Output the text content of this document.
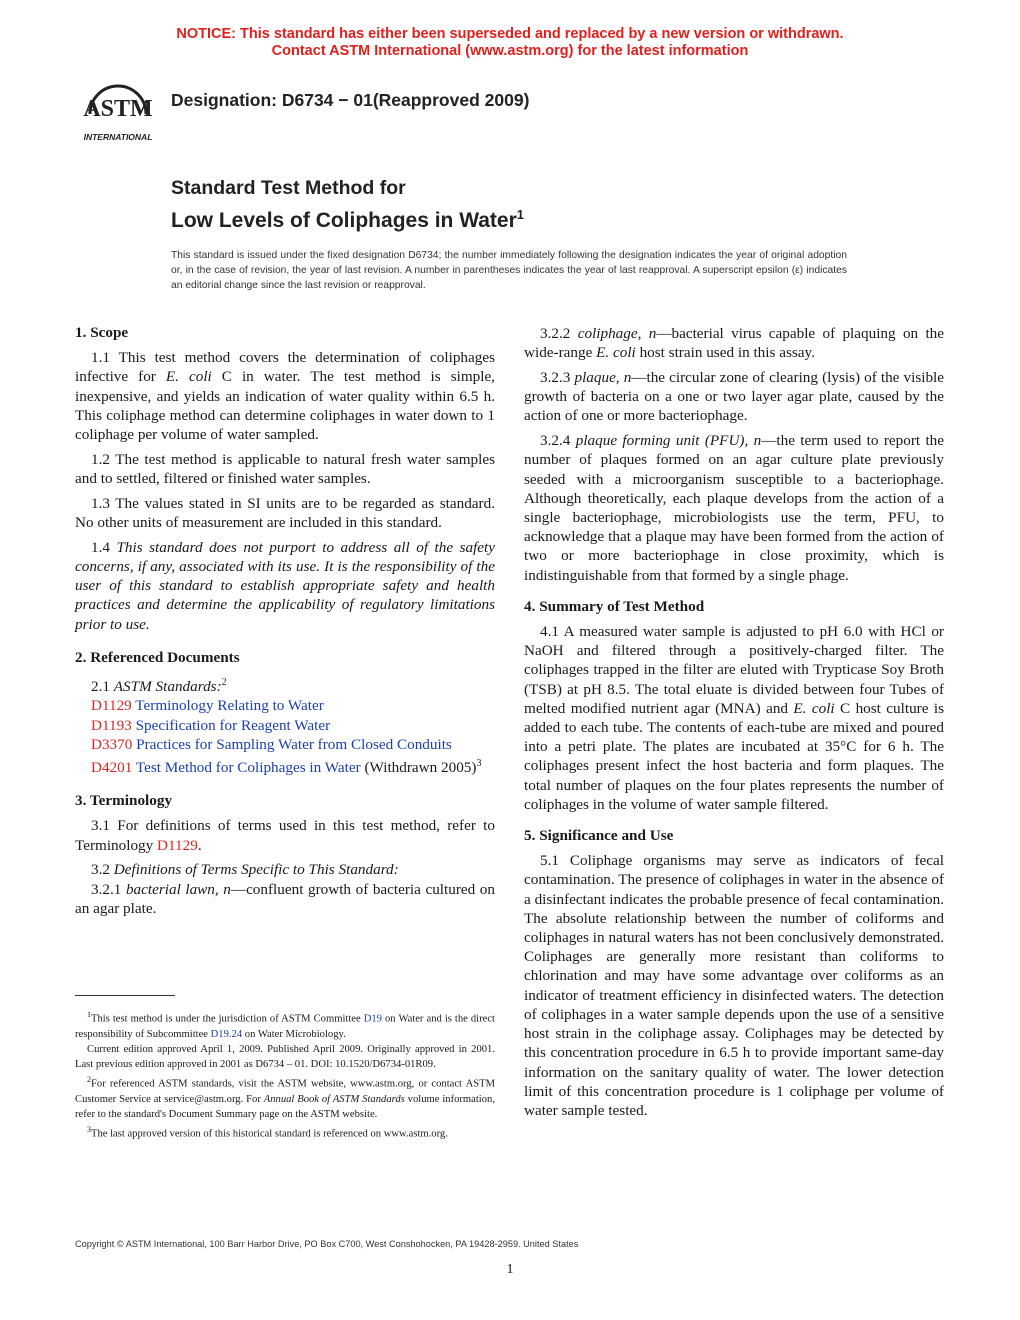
NOTICE: This standard has either been superseded and replaced by a new version or withdrawn.
Contact ASTM International (www.astm.org) for the latest information
ASTM
INTERNATIONAL
Designation: D6734 − 01(Reapproved 2009)
Standard Test Method for
Low Levels of Coliphages in Water$^1$
This standard is issued under the fixed designation D6734; the number immediately following the designation indicates the year of original adoption or, in the case of revision, the year of last revision. A number in parentheses indicates the year of last reapproval. A superscript epsilon (ε) indicates an editorial change since the last revision or reapproval.
1. Scope

1.1 This test method covers the determination of coliphages infective for E. coli C in water. The test method is simple, inexpensive, and yields an indication of water quality within 6.5 h. This coliphage method can determine coliphages in water down to 1 coliphage per volume of water sampled.

1.2 The test method is applicable to natural fresh water samples and to settled, filtered or finished water samples.

1.3 The values stated in SI units are to be regarded as standard. No other units of measurement are included in this standard.

1.4 This standard does not purport to address all of the safety concerns, if any, associated with its use. It is the responsibility of the user of this standard to establish appropriate safety and health practices and determine the applicability of regulatory limitations prior to use.

2. Referenced Documents

2.1 ASTM Standards:$^2$

D1129 Terminology Relating to Water
D1193 Specification for Reagent Water
D3370 Practices for Sampling Water from Closed Conduits
D4201 Test Method for Coliphages in Water (Withdrawn 2005)$^3$
3. Terminology

3.1 For definitions of terms used in this test method, refer to Terminology D1129.

3.2 Definitions of Terms Specific to This Standard:

3.2.1 bacterial lawn, n—confluent growth of bacteria cultured on an agar plate.

3.2.2 coliphage, n—bacterial virus capable of plaquing on the wide-range E. coli host strain used in this assay.

3.2.3 plaque, n—the circular zone of clearing (lysis) of the visible growth of bacteria on a one or two layer agar plate, caused by the action of one or more bacteriophage.

3.2.4 plaque forming unit (PFU), n—the term used to report the number of plaques formed on an agar culture plate previously seeded with a microorganism susceptible to a bacteriophage. Although theoretically, each plaque develops from the action of a single bacteriophage, microbiologists use the term, PFU, to acknowledge that a plaque may have been formed from the action of two or more bacteriophage in close proximity, which is indistinguishable from that formed by a single phage.

4. Summary of Test Method

4.1 A measured water sample is adjusted to pH 6.0 with HCl or NaOH and filtered through a positively-charged filter. The coliphages trapped in the filter are eluted with Trypticase Soy Broth (TSB) at pH 8.5. The total eluate is divided between four Tubes of melted modified nutrient agar (MNA) and E. coli C host culture is added to each tube. The contents of each-tube are mixed and poured into a petri plate. The plates are incubated at 35°C for 6 h. The coliphages present infect the host bacteria and form plaques. The total number of plaques on the four plates represents the number of coliphages in the volume of water sample filtered.

5. Significance and Use

5.1 Coliphage organisms may serve as indicators of fecal contamination. The presence of coliphages in water in the absence of a disinfectant indicates the probable presence of fecal contamination. The absolute relationship between the number of coliforms and coliphages in natural waters has not been conclusively demonstrated. Coliphages are generally more resistant than coliforms to chlorination and may have some advantage over coliforms as an indicator of treatment efficiency in disinfected waters. The detection of coliphages in a water sample depends upon the use of a sensitive host strain in the coliphage assay. Coliphages may be detected by this concentration procedure in 6.5 h to provide important same-day information on the sanitary quality of water. The lower detection limit of this concentration procedure is 1 coliphage per volume of water sample tested.

$^1$This test method is under the jurisdiction of ASTM Committee D19 on Water and is the direct responsibility of Subcommittee D19.24 on Water Microbiology.

Current edition approved April 1, 2009. Published April 2009. Originally approved in 2001. Last previous edition approved in 2001 as D6734 – 01. DOI: 10.1520/D6734-01R09.

$^2$For referenced ASTM standards, visit the ASTM website, www.astm.org, or contact ASTM Customer Service at service@astm.org. For Annual Book of ASTM Standards volume information, refer to the standard's Document Summary page on the ASTM website.

$^3$The last approved version of this historical standard is referenced on www.astm.org.

Copyright © ASTM International, 100 Barr Harbor Drive, PO Box C700, West Conshohocken, PA 19428-2959. United States
1
